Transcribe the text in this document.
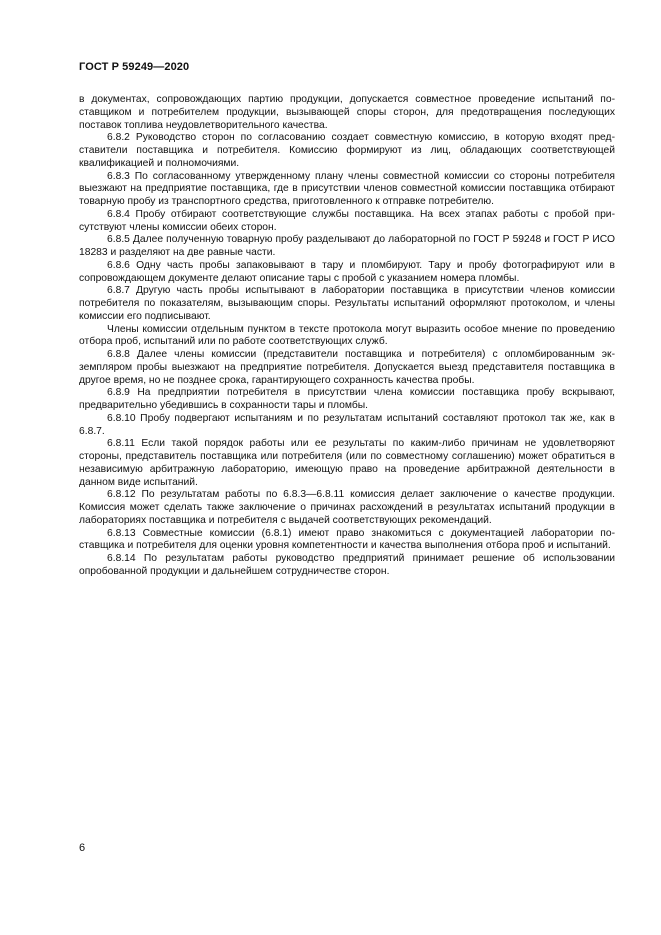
ГОСТ Р 59249—2020

в документах, сопровождающих партию продукции, допускается совместное проведение испытаний поставщиком и потребителем продукции, вызывающей споры сторон, для предотвращения последующих поставок топлива неудовлетворительного качества.

6.8.2 Руководство сторон по согласованию создает совместную комиссию, в которую входят представители поставщика и потребителя. Комиссию формируют из лиц, обладающих соответствующей квалификацией и полномочиями.

6.8.3 По согласованному утвержденному плану члены совместной комиссии со стороны потребителя выезжают на предприятие поставщика, где в присутствии членов совместной комиссии поставщика отбирают товарную пробу из транспортного средства, приготовленного к отправке потребителю.

6.8.4 Пробу отбирают соответствующие службы поставщика. На всех этапах работы с пробой присутствуют члены комиссии обеих сторон.

6.8.5 Далее полученную товарную пробу разделывают до лабораторной по ГОСТ Р 59248 и ГОСТ Р ИСО 18283 и разделяют на две равные части.

6.8.6 Одну часть пробы запаковывают в тару и пломбируют. Тару и пробу фотографируют или в сопровождающем документе делают описание тары с пробой с указанием номера пломбы.

6.8.7 Другую часть пробы испытывают в лаборатории поставщика в присутствии членов комиссии потребителя по показателям, вызывающим споры. Результаты испытаний оформляют протоколом, и члены комиссии его подписывают.

Члены комиссии отдельным пунктом в тексте протокола могут выразить особое мнение по проведению отбора проб, испытаний или по работе соответствующих служб.

6.8.8 Далее члены комиссии (представители поставщика и потребителя) с опломбированным экземпляром пробы выезжают на предприятие потребителя. Допускается выезд представителя поставщика в другое время, но не позднее срока, гарантирующего сохранность качества пробы.

6.8.9 На предприятии потребителя в присутствии члена комиссии поставщика пробу вскрывают, предварительно убедившись в сохранности тары и пломбы.

6.8.10 Пробу подвергают испытаниям и по результатам испытаний составляют протокол так же, как в 6.8.7.

6.8.11 Если такой порядок работы или ее результаты по каким-либо причинам не удовлетворяют стороны, представитель поставщика или потребителя (или по совместному соглашению) может обратиться в независимую арбитражную лабораторию, имеющую право на проведение арбитражной деятельности в данном виде испытаний.

6.8.12 По результатам работы по 6.8.3—6.8.11 комиссия делает заключение о качестве продукции. Комиссия может сделать также заключение о причинах расхождений в результатах испытаний продукции в лабораториях поставщика и потребителя с выдачей соответствующих рекомендаций.

6.8.13 Совместные комиссии (6.8.1) имеют право знакомиться с документацией лаборатории поставщика и потребителя для оценки уровня компетентности и качества выполнения отбора проб и испытаний.

6.8.14 По результатам работы руководство предприятий принимает решение об использовании опробованной продукции и дальнейшем сотрудничестве сторон.

6
